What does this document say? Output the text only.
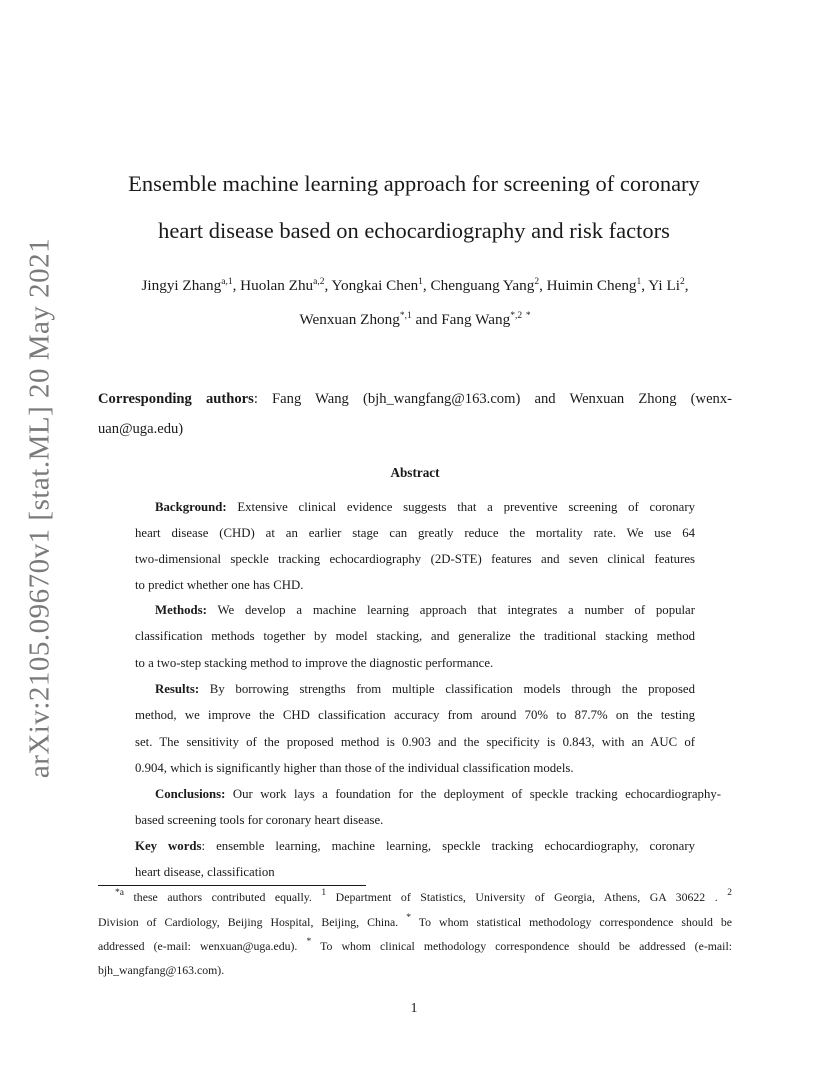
arXiv:2105.09670v1 [stat.ML] 20 May 2021
Ensemble machine learning approach for screening of coronary
heart disease based on echocardiography and risk factors
Jingyi Zhang$^{a,1}$, Huolan Zhu$^{a,2}$, Yongkai Chen$^1$, Chenguang Yang$^2$, Huimin Cheng$^1$, Yi Li$^2$,
Wenxuan Zhong$^{*,1}$ and Fang Wang$^{*,2}$ *
Corresponding authors: Fang Wang (bjh_wangfang@163.com) and Wenxuan Zhong (wenx-
uan@uga.edu)
Abstract
Background: Extensive clinical evidence suggests that a preventive screening of coronary
heart disease (CHD) at an earlier stage can greatly reduce the mortality rate. We use 64
two-dimensional speckle tracking echocardiography (2D-STE) features and seven clinical features
to predict whether one has CHD.
Methods: We develop a machine learning approach that integrates a number of popular
classification methods together by model stacking, and generalize the traditional stacking method
to a two-step stacking method to improve the diagnostic performance.
Results: By borrowing strengths from multiple classification models through the proposed
method, we improve the CHD classification accuracy from around 70% to 87.7% on the testing
set. The sensitivity of the proposed method is 0.903 and the specificity is 0.843, with an AUC of
0.904, which is significantly higher than those of the individual classification models.
Conclusions: Our work lays a foundation for the deployment of speckle tracking echocardiography-
based screening tools for coronary heart disease.
Key words: ensemble learning, machine learning, speckle tracking echocardiography, coronary
heart disease, classification
$^{*a}$ these authors contributed equally. $^1$ Department of Statistics, University of Georgia, Athens, GA 30622 . $^2$
Division of Cardiology, Beijing Hospital, Beijing, China. * To whom statistical methodology correspondence should be
addressed (e-mail: wenxuan@uga.edu). * To whom clinical methodology correspondence should be addressed (e-mail:
bjh_wangfang@163.com).
1
